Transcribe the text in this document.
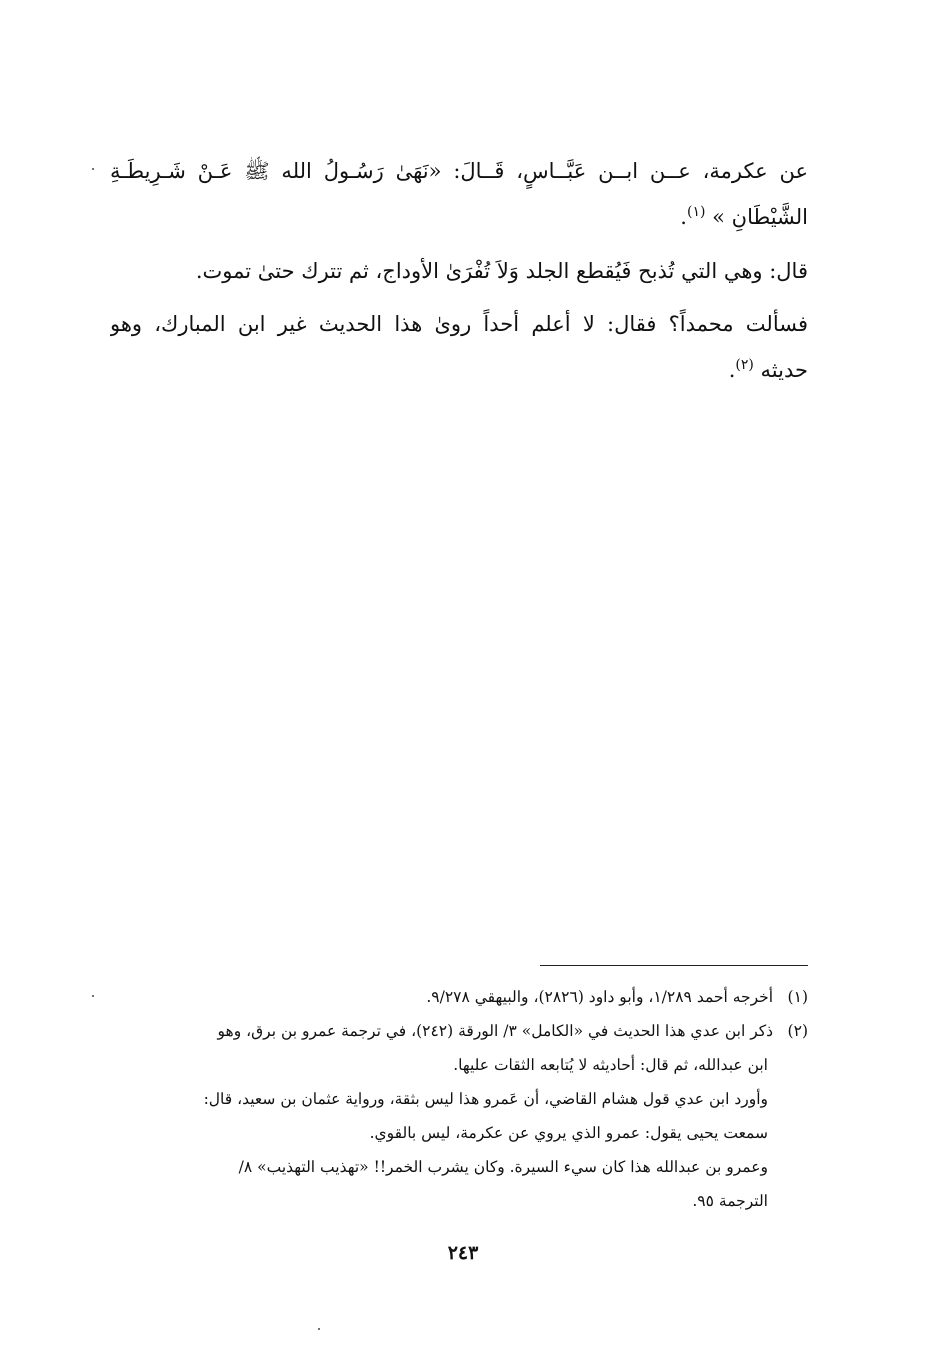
عن عكرمة، عــن ابــن عَبَّــاسٍ، قَــالَ: «نَهَىٰ رَسُـولُ الله ﷺ عَـنْ شَـرِيطَـةِ
الشَّيْطَانِ » $^{(١)}$.
قال: وهي التي تُذبح فَيُقطع الجلد وَلاَ تُفْرَىٰ الأوداج، ثم تترك حتىٰ تموت.
فسألت محمداً؟ فقال: لا أعلم أحداً روىٰ هذا الحديث غير ابن المبارك، وهو
حديثه $^{(٢)}$.
(١) أخرجه أحمد ١/٢٨٩، وأبو داود (٢٨٢٦)، والبيهقي ٩/٢٧٨.
(٢) ذكر ابن عدي هذا الحديث في «الكامل» ٣/ الورقة (٢٤٢)، في ترجمة عمرو بن برق، وهو
ابن عبدالله، ثم قال: أحاديثه لا يُتابعه الثقات عليها.
وأورد ابن عدي قول هشام القاضي، أن عَمرو هذا ليس بثقة، ورواية عثمان بن سعيد، قال:
سمعت يحيى يقول: عمرو الذي يروي عن عكرمة، ليس بالقوي.
وعمرو بن عبدالله هذا كان سيء السيرة. وكان يشرب الخمر!! «تهذيب التهذيب» ٨/
الترجمة ٩٥.
٢٤٣
